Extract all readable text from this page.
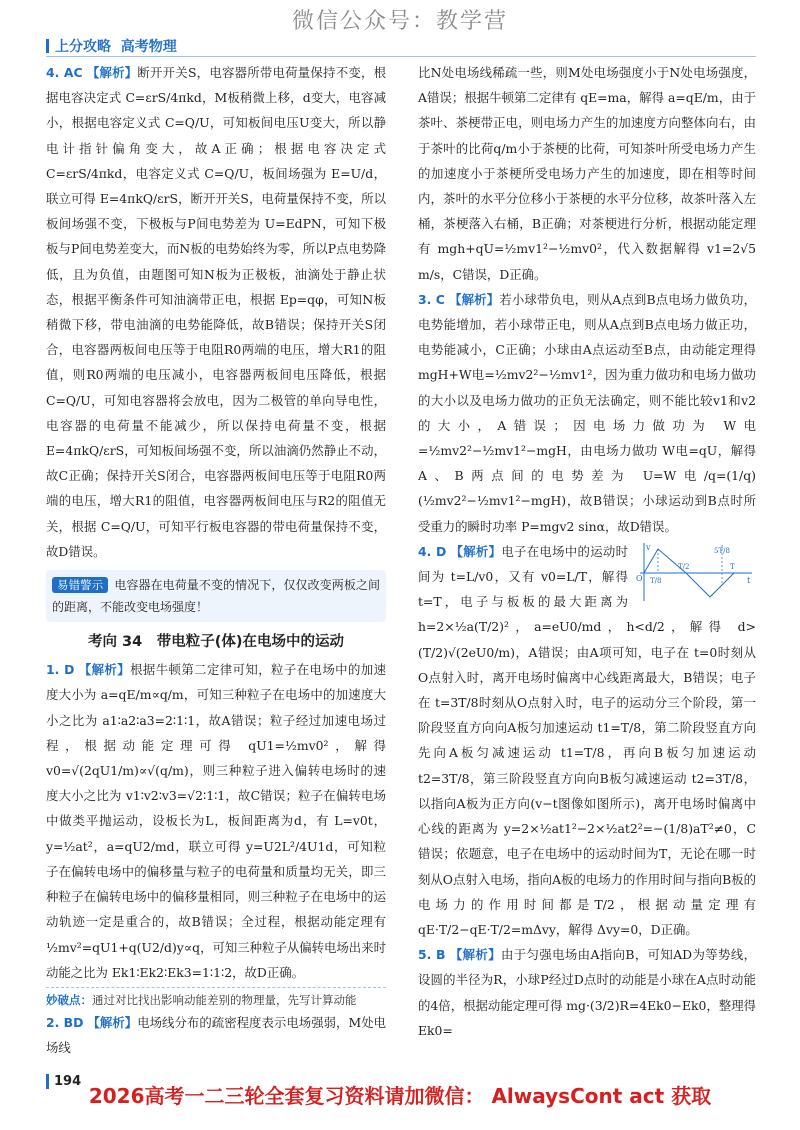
微信公众号：教学营
上分攻略 高考物理

4. AC 【解析】断开开关S，电容器所带电荷量保持不变，根据电容决定式 C=εrS/4πkd，M板稍微上移，d变大，电容减小，根据电容定义式 C=Q/U，可知板间电压U变大，所以静电计指针偏角变大，故A正确；根据电容决定式 C=εrS/4πkd，电容定义式 C=Q/U，板间场强为 E=U/d，联立可得 E=4πkQ/εrS，断开开关S，电荷量保持不变，所以板间场强不变，下极板与P间电势差为 U=EdPN，可知下极板与P间电势差变大，而N板的电势始终为零，所以P点电势降低，且为负值，由题图可知N板为正极板，油滴处于静止状态，根据平衡条件可知油滴带正电，根据 Ep=qφ，可知N板稍微下移，带电油滴的电势能降低，故B错误；保持开关S闭合，电容器两板间电压等于电阻R0两端的电压，增大R1的阻值，则R0两端的电压减小，电容器两板间电压降低，根据 C=Q/U，可知电容器将会放电，因为二极管的单向导电性，电容器的电荷量不能减少，所以保持电荷量不变，根据 E=4πkQ/εrS，可知板间场强不变，所以油滴仍然静止不动，故C正确；保持开关S闭合，电容器两板间电压等于电阻R0两端的电压，增大R1的阻值，电容器两板间电压与R2的阻值无关，根据 C=Q/U，可知平行板电容器的带电荷量保持不变，故D错误。

易错警示 电容器在电荷量不变的情况下，仅仅改变两板之间的距离，不能改变电场强度！
考向 34　带电粒子(体)在电场中的运动

1. D 【解析】根据牛顿第二定律可知，粒子在电场中的加速度大小为 a=qE/m∝q/m，可知三种粒子在电场中的加速度大小之比为 a1∶a2∶a3=2∶1∶1，故A错误；粒子经过加速电场过程，根据动能定理可得 qU1=½mv0²，解得 v0=√(2qU1/m)∝√(q/m)，则三种粒子进入偏转电场时的速度大小之比为 v1∶v2∶v3=√2∶1∶1，故C错误；粒子在偏转电场中做类平抛运动，设板长为L，板间距离为d，有 L=v0t，y=½at²，a=qU2/md，联立可得 y=U2L²/4U1d，可知粒子在偏转电场中的偏移量与粒子的电荷量和质量均无关，即三种粒子在偏转电场中的偏移量相同，则三种粒子在电场中的运动轨迹一定是重合的，故B错误；全过程，根据动能定理有 ½mv²=qU1+q(U2/d)y∝q，可知三种粒子从偏转电场出来时动能之比为 Ek1∶Ek2∶Ek3=1∶1∶2，故D正确。

妙破点：通过对比找出影响动能差别的物理量，先写计算动能

2. BD 【解析】电场线分布的疏密程度表示电场强弱，M处电场线

比N处电场线稀疏一些，则M处电场强度小于N处电场强度，A错误；根据牛顿第二定律有 qE=ma，解得 a=qE/m，由于茶叶、茶梗带正电，则电场力产生的加速度方向整体向右，由于茶叶的比荷q/m小于茶梗的比荷，可知茶叶所受电场力产生的加速度小于茶梗所受电场力产生的加速度，即在相等时间内，茶叶的水平分位移小于茶梗的水平分位移，故茶叶落入左桶，茶梗落入右桶，B正确；对茶梗进行分析，根据动能定理有 mgh+qU=½mv1²−½mv0²，代入数据解得 v1=2√5 m/s，C错误，D正确。

3. C 【解析】若小球带负电，则从A点到B点电场力做负功，电势能增加，若小球带正电，则从A点到B点电场力做正功，电势能减小，C正确；小球由A点运动至B点，由动能定理得 mgH+W电=½mv2²−½mv1²，因为重力做功和电场力做功的大小以及电场力做功的正负无法确定，则不能比较v1和v2的大小，A错误；因电场力做功为 W电=½mv2²−½mv1²−mgH，由电场力做功 W电=qU，解得A、B两点间的电势差为 U=W电/q=(1/q)(½mv2²−½mv1²−mgH)，故B错误；小球运动到B点时所受重力的瞬时功率 P=mgv2 sinα，故D错误。

v
O	t
T/8
T/2
5T/8
T
4. D 【解析】电子在电场中的运动时间为 t=L/v0，又有 v0=L/T，解得 t=T，电子与板板的最大距离为 h=2×½a(T/2)²，a=eU0/md，h<d/2，解得 d>(T/2)√(2eU0/m)，A错误；由A项可知，电子在 t=0时刻从O点射入时，离开电场时偏离中心线距离最大，B错误；电子在 t=3T/8时刻从O点射入时，电子的运动分三个阶段，第一阶段竖直方向向A板匀加速运动 t1=T/8，第二阶段竖直方向先向A板匀减速运动 t1=T/8，再向B板匀加速运动 t2=3T/8，第三阶段竖直方向向B板匀减速运动 t2=3T/8，以指向A板为正方向(v−t图像如图所示)，离开电场时偏离中心线的距离为 y=2×½at1²−2×½at2²=−(1/8)aT²≠0，C错误；依题意，电子在电场中的运动时间为T，无论在哪一时刻从O点射入电场，指向A板的电场力的作用时间与指向B板的电场力的作用时间都是T/2，根据动量定理有 qE·T/2−qE·T/2=mΔvy，解得 Δvy=0，D正确。

5. B 【解析】由于匀强电场由A指向B，可知AD为等势线，设圆的半径为R，小球P经过D点时的动能是小球在A点时动能的4倍，根据动能定理可得 mg·(3/2)R=4Ek0−Ek0，整理得 Ek0=

194
2026高考一二三轮全套复习资料请加微信： AlwaysCont act 获取
